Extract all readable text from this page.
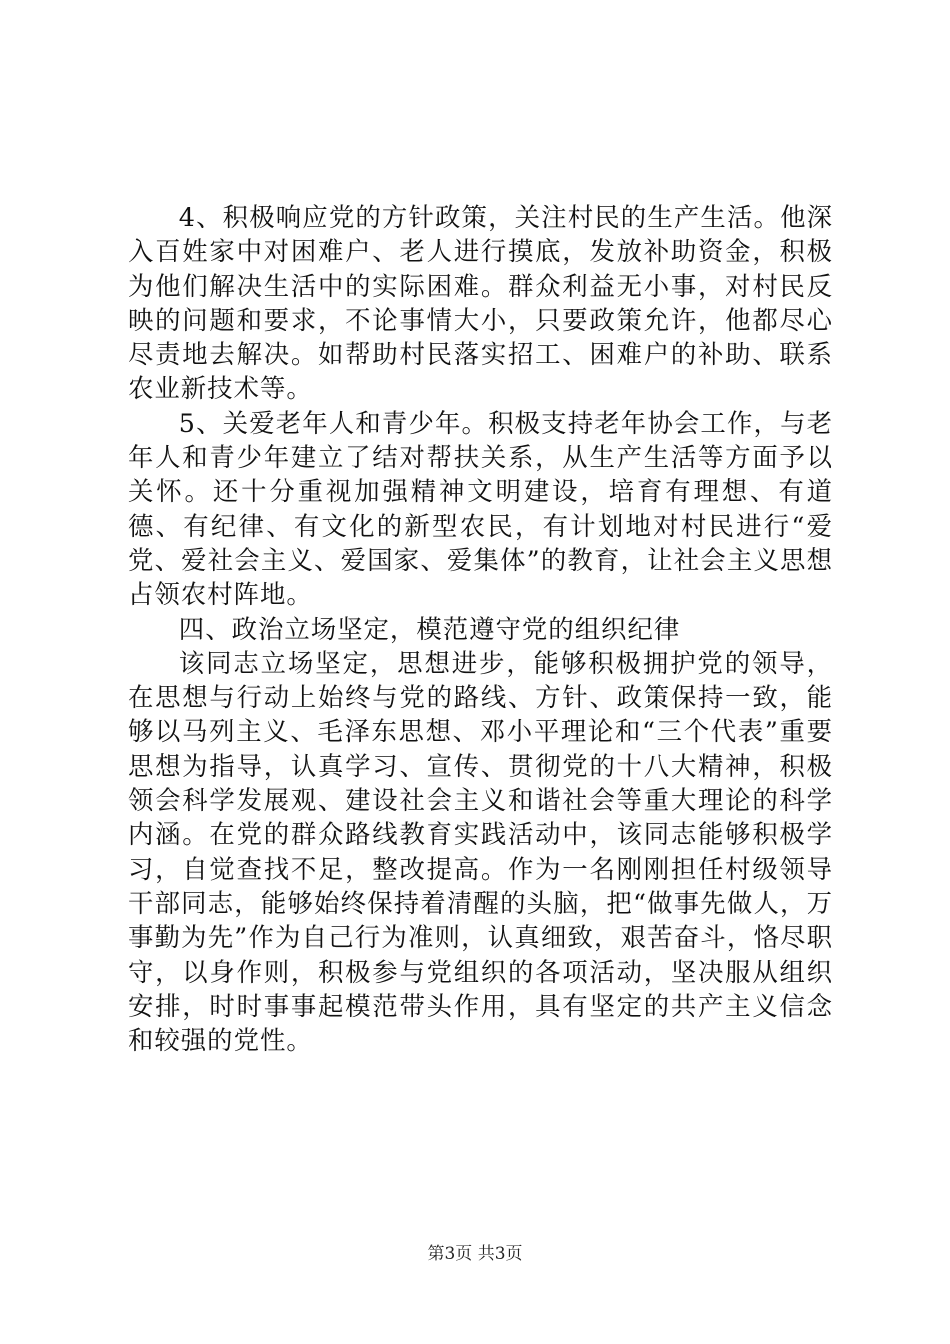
4、积极响应党的方针政策，关注村民的生产生活。他深入百姓家中对困难户、老人进行摸底，发放补助资金，积极为他们解决生活中的实际困难。群众利益无小事，对村民反映的问题和要求，不论事情大小，只要政策允许，他都尽心尽责地去解决。如帮助村民落实招工、困难户的补助、联系农业新技术等。

5、关爱老年人和青少年。积极支持老年协会工作，与老年人和青少年建立了结对帮扶关系，从生产生活等方面予以关怀。还十分重视加强精神文明建设，培育有理想、有道德、有纪律、有文化的新型农民，有计划地对村民进行“爱党、爱社会主义、爱国家、爱集体”的教育，让社会主义思想占领农村阵地。

四、政治立场坚定，模范遵守党的组织纪律

该同志立场坚定，思想进步，能够积极拥护党的领导，在思想与行动上始终与党的路线、方针、政策保持一致，能够以马列主义、毛泽东思想、邓小平理论和“三个代表”重要思想为指导，认真学习、宣传、贯彻党的十八大精神，积极领会科学发展观、建设社会主义和谐社会等重大理论的科学内涵。在党的群众路线教育实践活动中，该同志能够积极学习，自觉查找不足，整改提高。作为一名刚刚担任村级领导干部同志，能够始终保持着清醒的头脑，把“做事先做人，万事勤为先”作为自己行为准则，认真细致，艰苦奋斗，恪尽职守，以身作则，积极参与党组织的各项活动，坚决服从组织安排，时时事事起模范带头作用，具有坚定的共产主义信念和较强的党性。

第3页 共3页
